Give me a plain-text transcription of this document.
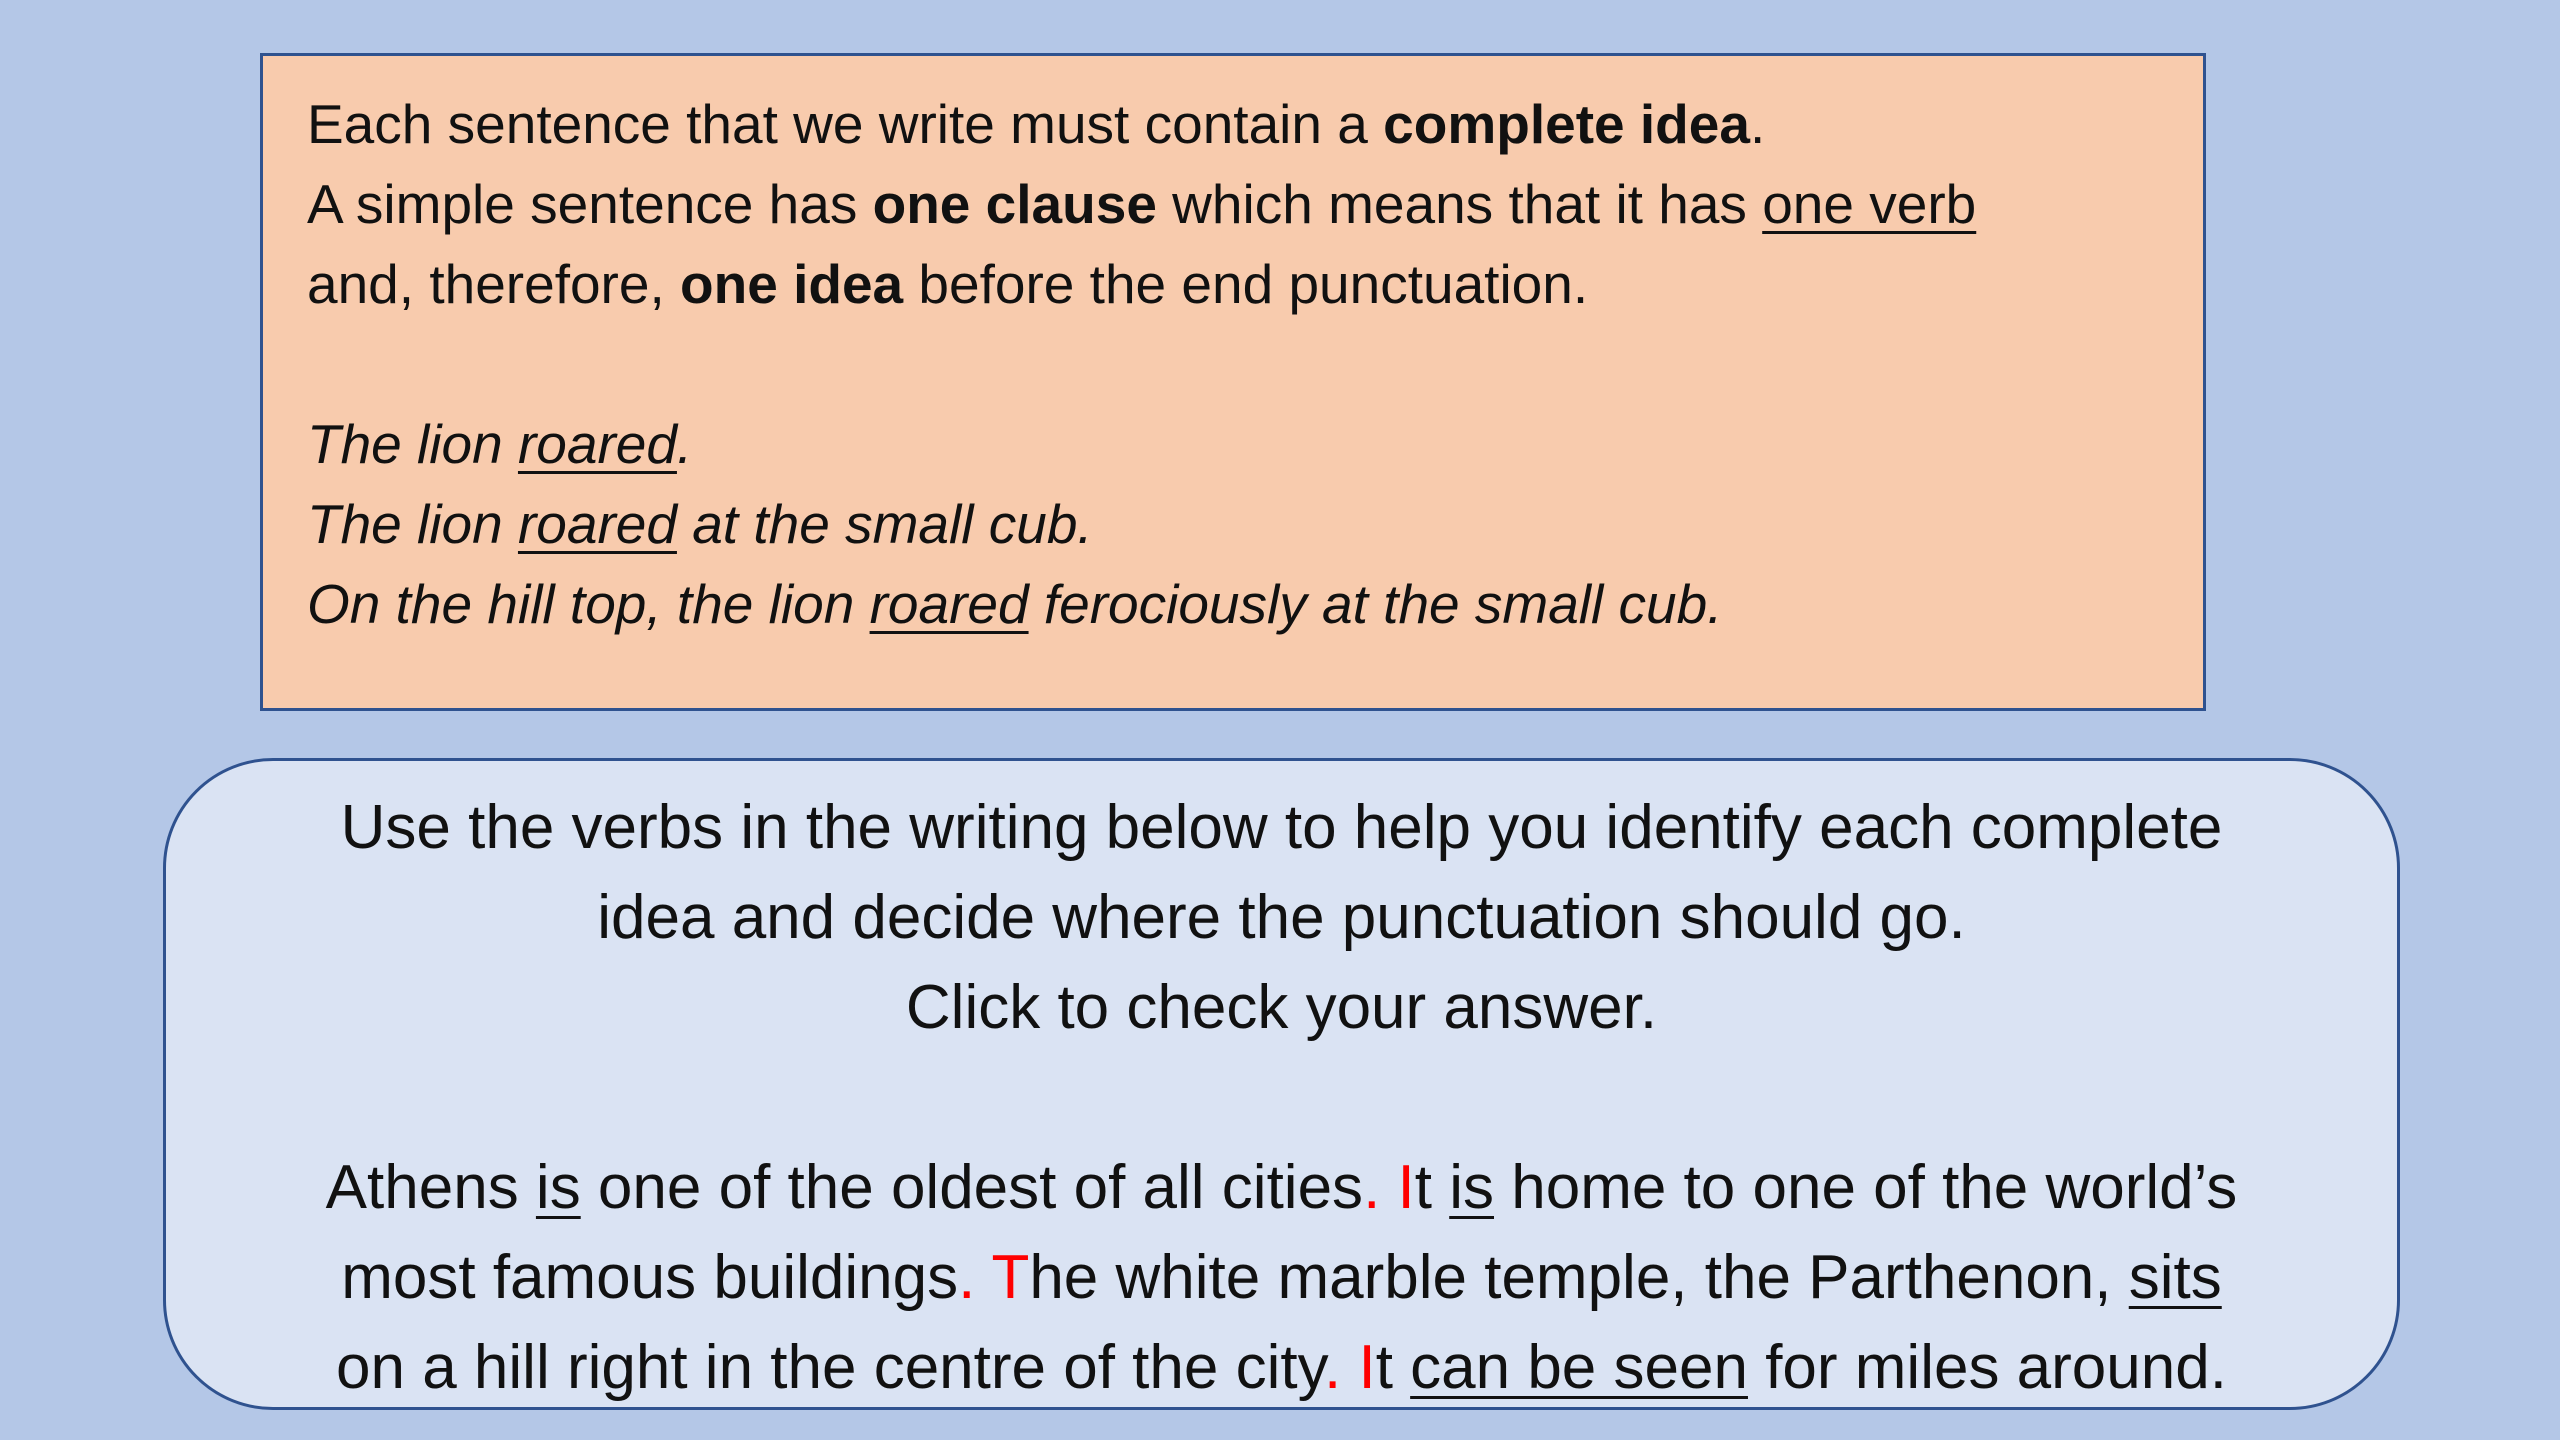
Each sentence that we write must contain a complete idea.
A simple sentence has one clause which means that it has one verb
and, therefore, one idea before the end punctuation.
The lion roared.
The lion roared at the small cub.
On the hill top, the lion roared ferociously at the small cub.
Use the verbs in the writing below to help you identify each complete
idea and decide where the punctuation should go.
Click to check your answer.
Athens is one of the oldest of all cities. It is home to one of the world’s
most famous buildings. The white marble temple, the Parthenon, sits
on a hill right in the centre of the city. It can be seen for miles around.
